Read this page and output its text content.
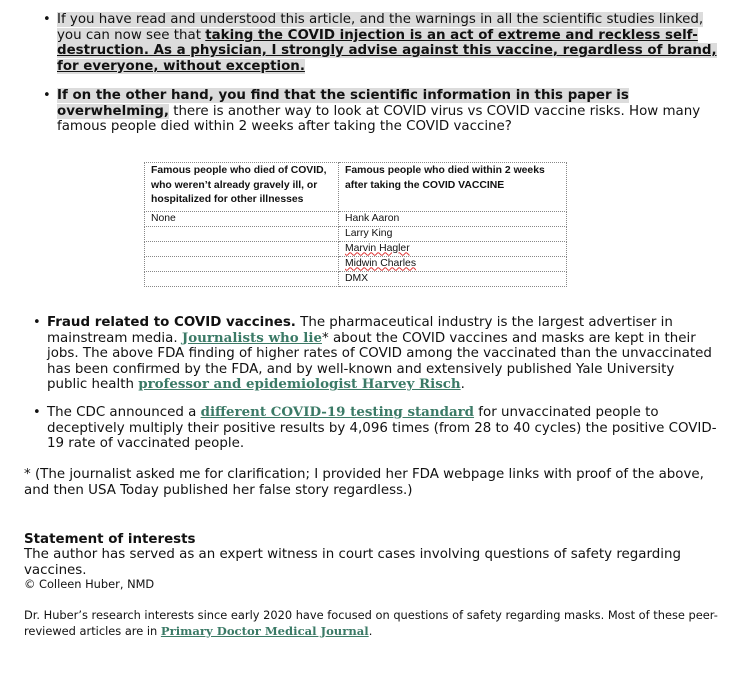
• If you have read and understood this article, and the warnings in all the scientific studies linked, you can now see that taking the COVID injection is an act of extreme and reckless self-destruction. As a physician, I strongly advise against this vaccine, regardless of brand, for everyone, without exception.
• If on the other hand, you find that the scientific information in this paper is overwhelming, there is another way to look at COVID virus vs COVID vaccine risks. How many famous people died within 2 weeks after taking the COVID vaccine?
Famous people who died of COVID, who weren’t already gravely ill, or hospitalized for other illnesses	Famous people who died within 2 weeks after taking the COVID VACCINE
None	Hank Aaron
	Larry King
	Marvin Hagler
	Midwin Charles
	DMX
• Fraud related to COVID vaccines. The pharmaceutical industry is the largest advertiser in mainstream media. Journalists who lie* about the COVID vaccines and masks are kept in their jobs. The above FDA finding of higher rates of COVID among the vaccinated than the unvaccinated has been confirmed by the FDA, and by well-known and extensively published Yale University public health professor and epidemiologist Harvey Risch.
• The CDC announced a different COVID-19 testing standard for unvaccinated people to deceptively multiply their positive results by 4,096 times (from 28 to 40 cycles) the positive COVID-19 rate of vaccinated people.

* (The journalist asked me for clarification; I provided her FDA webpage links with proof of the above, and then USA Today published her false story regardless.)

Statement of interests

The author has served as an expert witness in court cases involving questions of safety regarding vaccines.

© Colleen Huber, NMD

Dr. Huber’s research interests since early 2020 have focused on questions of safety regarding masks. Most of these peer-reviewed articles are in Primary Doctor Medical Journal.
